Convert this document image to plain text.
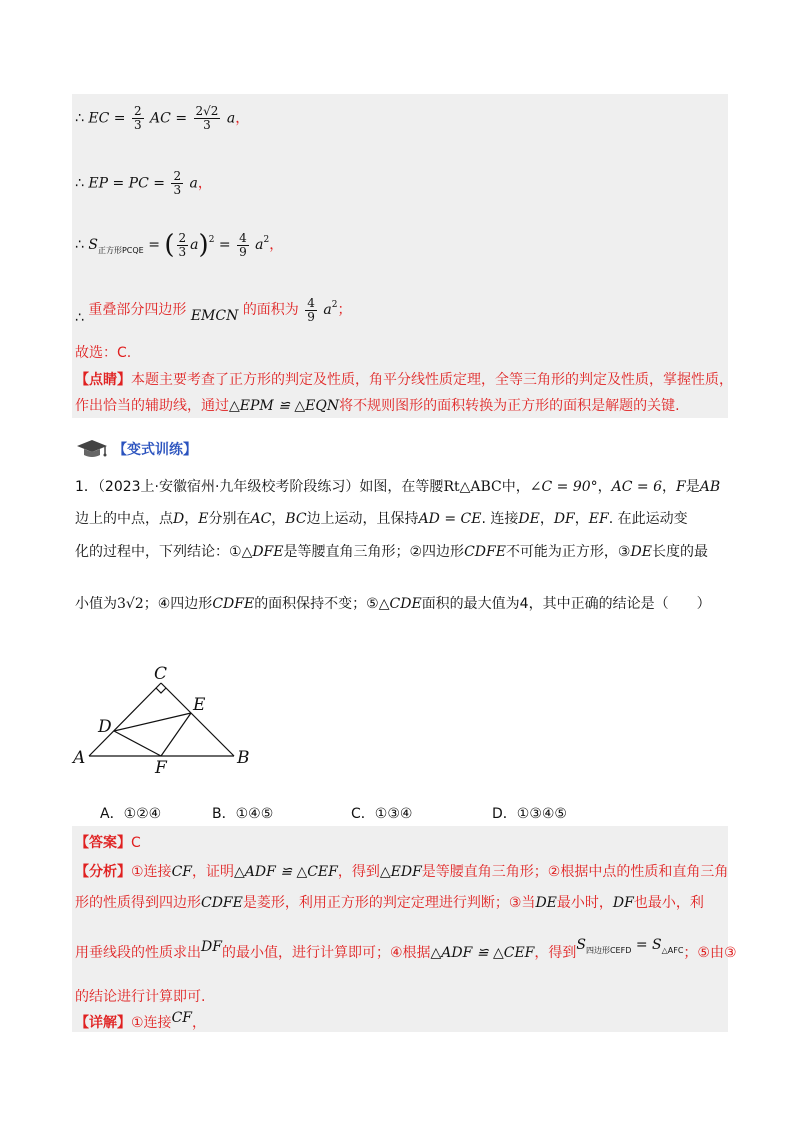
∴ EC = $\frac{2}{3}$ AC = $\frac{2√2}{3}$ a，
∴ EP = PC = $\frac{2}{3}$ a，
∴ $S_{正方形PCQE}$ = ( $\frac{2}{3} a)^2 = \frac{4}{9} a^2$，
∴ 重叠部分四边形 EMCN 的面积为 $\frac{4}{9} a^2$；
故选：C.
【点睛】本题主要考查了正方形的判定及性质，角平分线性质定理，全等三角形的判定及性质，掌握性质，
作出恰当的辅助线，通过△EPM ≌ △EQN将不规则图形的面积转换为正方形的面积是解题的关键.
【变式训练】
1．（2023上·安徽宿州·九年级校考阶段练习）如图，在等腰Rt△ABC中，∠C = 90°，AC = 6，F是AB
边上的中点，点D，E分别在AC，BC边上运动，且保持AD = CE. 连接DE，DF，EF. 在此运动变
化的过程中，下列结论：①△DFE是等腰直角三角形；②四边形CDFE不可能为正方形，③DE长度的最
小值为3√2；④四边形CDFE的面积保持不变；⑤△CDE面积的最大值为4，其中正确的结论是（　　）
C
E
D
A	F	B
A．①②④	B．①④⑤	C．①③④	D．①③④⑤
【答案】C
【分析】①连接CF，证明△ADF ≌ △CEF，得到△EDF是等腰直角三角形；②根据中点的性质和直角三角
形的性质得到四边形CDFE是菱形，利用正方形的判定定理进行判断；③当DE最小时，DF也最小，利
用垂线段的性质求出DF的最小值，进行计算即可；④根据△ADF ≌ △CEF，得到$S_{四边形CEFD} = S_{\triangle AFC}$；⑤由③
的结论进行计算即可.
【详解】①连接CF，
